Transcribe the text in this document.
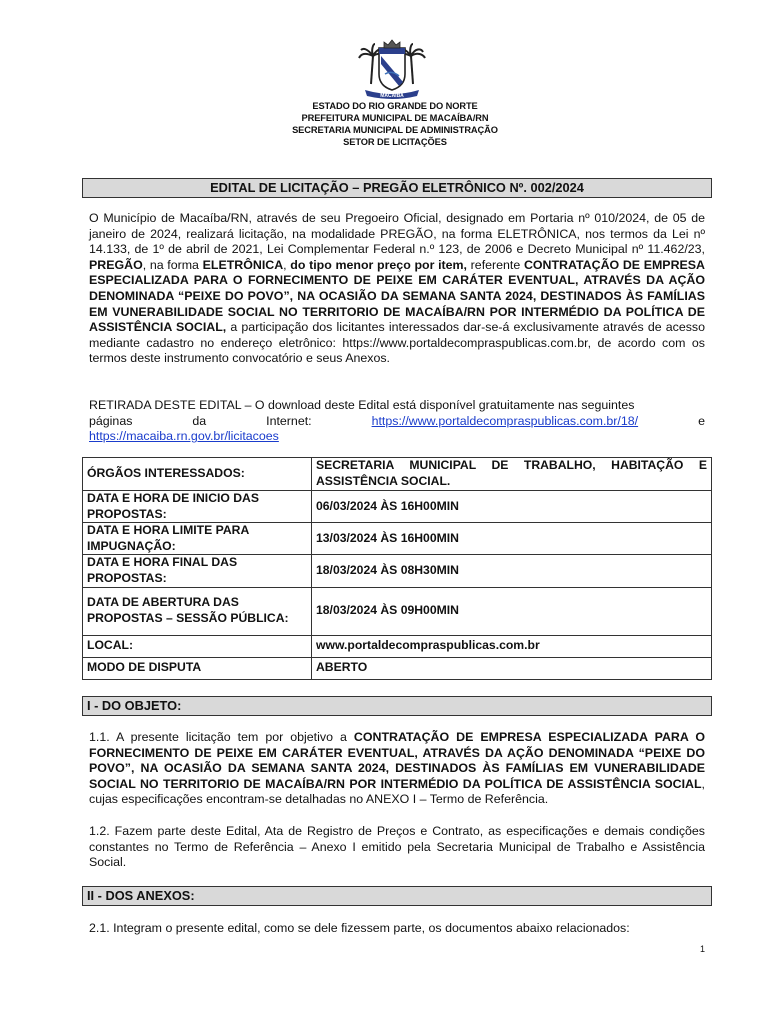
MACAÍBA
ESTADO DO RIO GRANDE DO NORTE
PREFEITURA MUNICIPAL DE MACAÍBA/RN
SECRETARIA MUNICIPAL DE ADMINISTRAÇÃO
SETOR DE LICITAÇÕES
EDITAL DE LICITAÇÃO – PREGÃO ELETRÔNICO Nº. 002/2024
O Município de Macaíba/RN, através de seu Pregoeiro Oficial, designado em Portaria nº 010/2024, de 05 de janeiro de 2024, realizará licitação, na modalidade PREGÃO, na forma ELETRÔNICA, nos termos da Lei nº 14.133, de 1º de abril de 2021, Lei Complementar Federal n.º 123, de 2006 e Decreto Municipal nº 11.462/23, PREGÃO, na forma ELETRÔNICA, do tipo menor preço por item, referente CONTRATAÇÃO DE EMPRESA ESPECIALIZADA PARA O FORNECIMENTO DE PEIXE EM CARÁTER EVENTUAL, ATRAVÉS DA AÇÃO DENOMINADA “PEIXE DO POVO”, NA OCASIÃO DA SEMANA SANTA 2024, DESTINADOS ÀS FAMÍLIAS EM VUNERABILIDADE SOCIAL NO TERRITORIO DE MACAÍBA/RN POR INTERMÉDIO DA POLÍTICA DE ASSISTÊNCIA SOCIAL, a participação dos licitantes interessados dar-se-á exclusivamente através de acesso mediante cadastro no endereço eletrônico: https://www.portaldecompraspublicas.com.br, de acordo com os termos deste instrumento convocatório e seus Anexos.
RETIRADA DESTE EDITAL – O download deste Edital está disponível gratuitamente nas seguintes
páginas	da	Internet:	https://www.portaldecompraspublicas.com.br/18/	e
https://macaiba.rn.gov.br/licitacoes
ÓRGÃOS INTERESSADOS:	SECRETARIA MUNICIPAL DE TRABALHO, HABITAÇÃO E ASSISTÊNCIA SOCIAL.
DATA E HORA DE INICIO DAS PROPOSTAS:	06/03/2024 ÀS 16H00MIN
DATA E HORA LIMITE PARA IMPUGNAÇÃO:	13/03/2024 ÀS 16H00MIN
DATA E HORA FINAL DAS PROPOSTAS:	18/03/2024 ÀS 08H30MIN
DATA DE ABERTURA DAS PROPOSTAS – SESSÃO PÚBLICA:	18/03/2024 ÀS 09H00MIN
LOCAL:	www.portaldecompraspublicas.com.br
MODO DE DISPUTA	ABERTO
I - DO OBJETO:
1.1. A presente licitação tem por objetivo a CONTRATAÇÃO DE EMPRESA ESPECIALIZADA PARA O FORNECIMENTO DE PEIXE EM CARÁTER EVENTUAL, ATRAVÉS DA AÇÃO DENOMINADA “PEIXE DO POVO”, NA OCASIÃO DA SEMANA SANTA 2024, DESTINADOS ÀS FAMÍLIAS EM VUNERABILIDADE SOCIAL NO TERRITORIO DE MACAÍBA/RN POR INTERMÉDIO DA POLÍTICA DE ASSISTÊNCIA SOCIAL, cujas especificações encontram-se detalhadas no ANEXO I – Termo de Referência.
1.2. Fazem parte deste Edital, Ata de Registro de Preços e Contrato, as especificações e demais condições constantes no Termo de Referência – Anexo I emitido pela Secretaria Municipal de Trabalho e Assistência Social.
II - DOS ANEXOS:
2.1. Integram o presente edital, como se dele fizessem parte, os documentos abaixo relacionados:
1
